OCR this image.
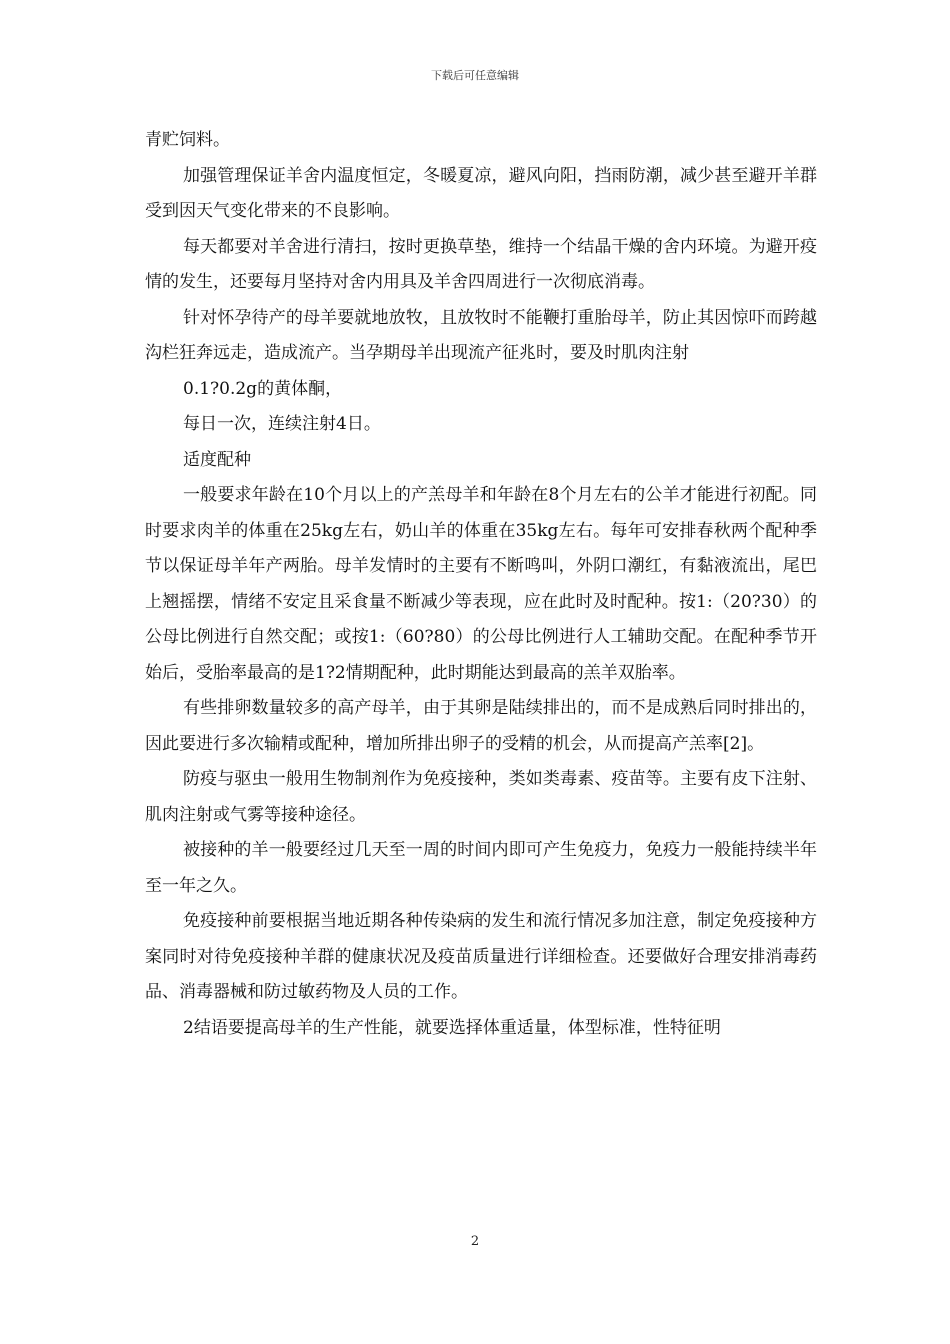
下载后可任意编辑

青贮饲料。

加强管理保证羊舍内温度恒定，冬暖夏凉，避风向阳，挡雨防潮，减少甚至避开羊群受到因天气变化带来的不良影响。

每天都要对羊舍进行清扫，按时更换草垫，维持一个结晶干燥的舍内环境。为避开疫情的发生，还要每月坚持对舍内用具及羊舍四周进行一次彻底消毒。

针对怀孕待产的母羊要就地放牧，且放牧时不能鞭打重胎母羊，防止其因惊吓而跨越沟栏狂奔远走，造成流产。当孕期母羊出现流产征兆时，要及时肌肉注射

0.1?0.2g的黄体酮，

每日一次，连续注射4日。

适度配种

一般要求年龄在10个月以上的产羔母羊和年龄在8个月左右的公羊才能进行初配。同时要求肉羊的体重在25kg左右，奶山羊的体重在35kg左右。每年可安排春秋两个配种季节以保证母羊年产两胎。母羊发情时的主要有不断鸣叫，外阴口潮红，有黏液流出，尾巴上翘摇摆，情绪不安定且采食量不断减少等表现，应在此时及时配种。按1:（20?30）的公母比例进行自然交配；或按1:（60?80）的公母比例进行人工辅助交配。在配种季节开始后，受胎率最高的是1?2情期配种，此时期能达到最高的羔羊双胎率。

有些排卵数量较多的高产母羊，由于其卵是陆续排出的，而不是成熟后同时排出的，因此要进行多次输精或配种，增加所排出卵子的受精的机会，从而提高产羔率[2]。

防疫与驱虫一般用生物制剂作为免疫接种，类如类毒素、疫苗等。主要有皮下注射、肌肉注射或气雾等接种途径。

被接种的羊一般要经过几天至一周的时间内即可产生免疫力，免疫力一般能持续半年至一年之久。

免疫接种前要根据当地近期各种传染病的发生和流行情况多加注意，制定免疫接种方案同时对待免疫接种羊群的健康状况及疫苗质量进行详细检查。还要做好合理安排消毒药品、消毒器械和防过敏药物及人员的工作。

2结语要提高母羊的生产性能，就要选择体重适量，体型标准，性特征明

2
